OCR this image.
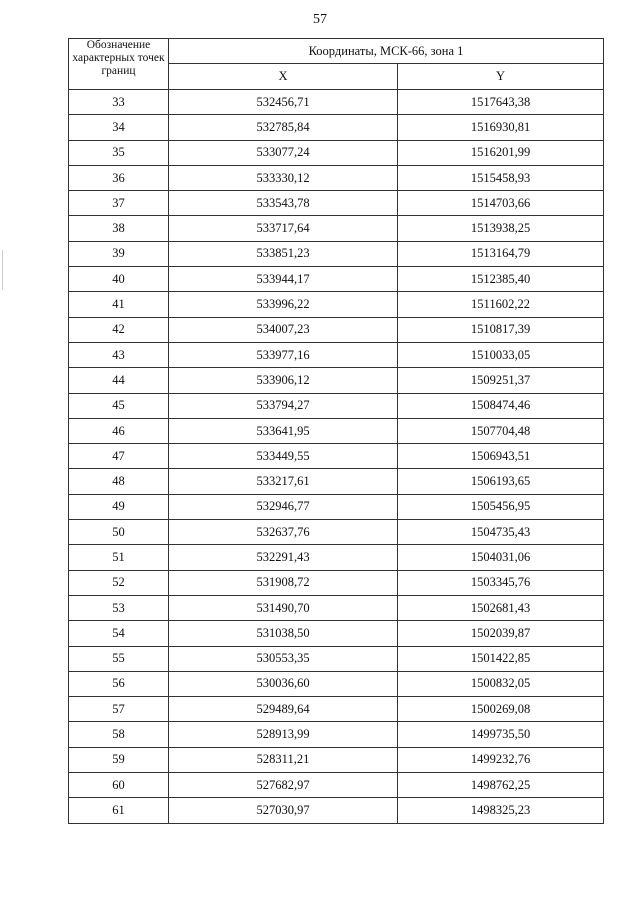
57
Обозначение характерных точек границ	Координаты, МСК-66, зона 1	
	X	Y
33	532456,71	1517643,38
34	532785,84	1516930,81
35	533077,24	1516201,99
36	533330,12	1515458,93
37	533543,78	1514703,66
38	533717,64	1513938,25
39	533851,23	1513164,79
40	533944,17	1512385,40
41	533996,22	1511602,22
42	534007,23	1510817,39
43	533977,16	1510033,05
44	533906,12	1509251,37
45	533794,27	1508474,46
46	533641,95	1507704,48
47	533449,55	1506943,51
48	533217,61	1506193,65
49	532946,77	1505456,95
50	532637,76	1504735,43
51	532291,43	1504031,06
52	531908,72	1503345,76
53	531490,70	1502681,43
54	531038,50	1502039,87
55	530553,35	1501422,85
56	530036,60	1500832,05
57	529489,64	1500269,08
58	528913,99	1499735,50
59	528311,21	1499232,76
60	527682,97	1498762,25
61	527030,97	1498325,23
